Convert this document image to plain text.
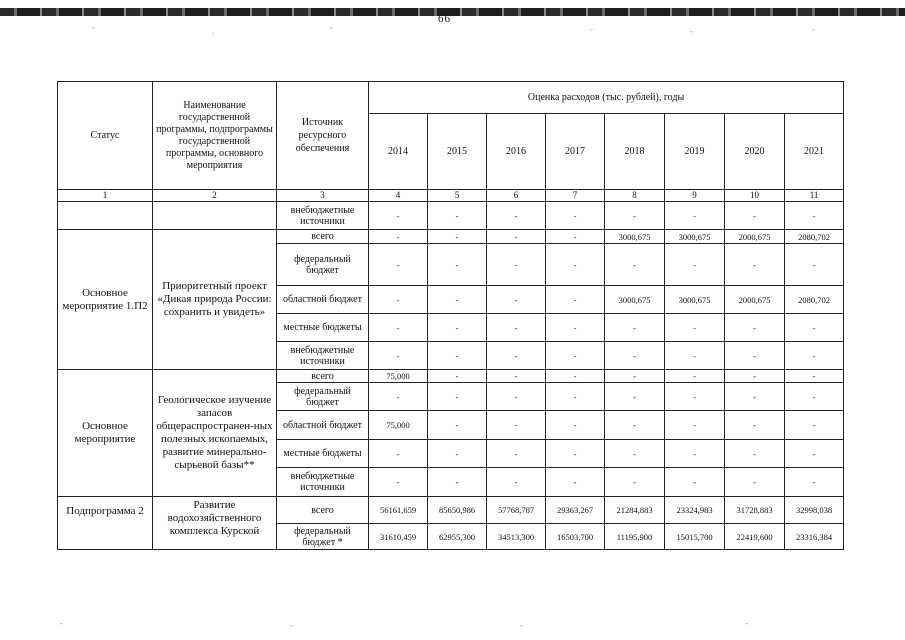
66
-	.	-	-	-	-
-	-	-	-
Статус	Наименование государственной программы, подпрограммы государственной программы, основного мероприятия	Источник ресурсного обеспечения	Оценка расходов (тыс. рублей), годы							
			2014	2015	2016	2017	2018	2019	2020	2021
1	2	3	4	5	6	7	8	9	10	11
		внебюджетные источники	-	-	-	-	-	-	-	-
Основное мероприятие 1.П2	Приоритетный проект «Дикая природа России: сохранить и увидеть»	всего	-	-	-	-	3000,675	3000,675	2000,675	2080,702
		федеральный бюджет	-	-	-	-	-	-	-	-
		областной бюджет	-	-	-	-	3000,675	3000,675	2000,675	2080,702
		местные бюджеты	-	-	-	-	-	-	-	-
		внебюджетные источники	-	-	-	-	-	-	-	-
Основное мероприятие	Геологическое изучение запасов общераспространен-ных полезных ископаемых, развитие минерально-сырьевой базы**	всего	75,000	-	-	-	-	-	-	-
		федеральный бюджет	-	-	-	-	-	-	-	-
		областной бюджет	75,000	-	-	-	-	-	-	-
		местные бюджеты	-	-	-	-	-	-	-	-
		внебюджетные источники	-	-	-	-	-	-	-	-
Подпрограмма 2	Развитие водохозяйственного комплекса Курской	всего	56161,659	85650,986	57768,787	29363,267	21284,883	23324,983	31728,883	32998,038
		федеральный бюджет *	31610,459	62955,300	34513,300	16503,700	11195,900	15015,700	22419,600	23316,384
